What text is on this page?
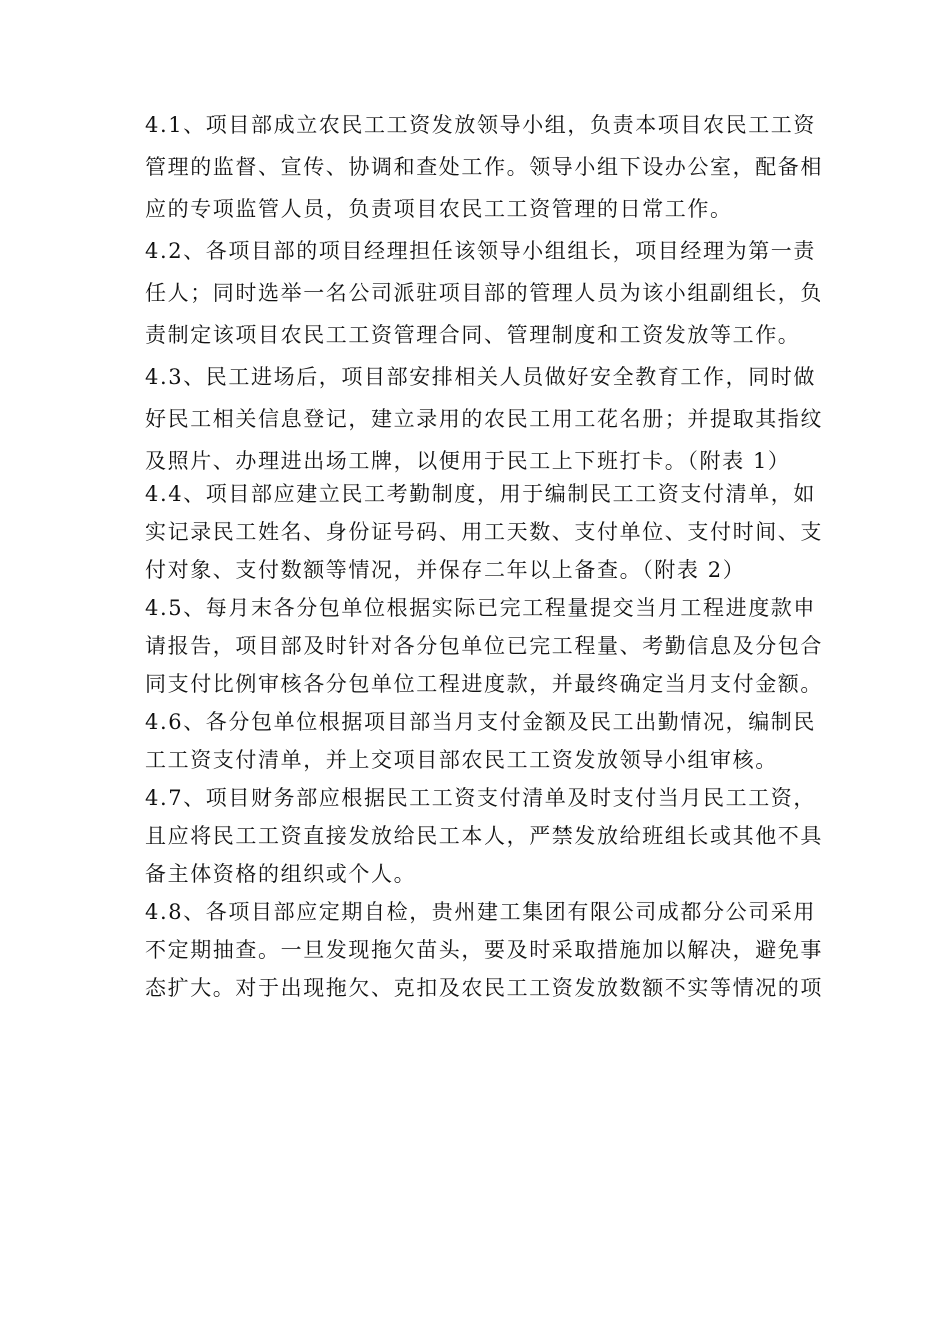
4.1、项目部成立农民工工资发放领导小组，负责本项目农民工工资
管理的监督、宣传、协调和查处工作。领导小组下设办公室，配备相
应的专项监管人员，负责项目农民工工资管理的日常工作。
4.2、各项目部的项目经理担任该领导小组组长，项目经理为第一责
任人；同时选举一名公司派驻项目部的管理人员为该小组副组长，负
责制定该项目农民工工资管理合同、管理制度和工资发放等工作。
4.3、民工进场后，项目部安排相关人员做好安全教育工作，同时做
好民工相关信息登记，建立录用的农民工用工花名册；并提取其指纹
及照片、办理进出场工牌，以便用于民工上下班打卡。（附表 1）
4.4、项目部应建立民工考勤制度，用于编制民工工资支付清单，如
实记录民工姓名、身份证号码、用工天数、支付单位、支付时间、支
付对象、支付数额等情况，并保存二年以上备查。（附表 2）
4.5、每月末各分包单位根据实际已完工程量提交当月工程进度款申
请报告，项目部及时针对各分包单位已完工程量、考勤信息及分包合
同支付比例审核各分包单位工程进度款，并最终确定当月支付金额。
4.6、各分包单位根据项目部当月支付金额及民工出勤情况，编制民
工工资支付清单，并上交项目部农民工工资发放领导小组审核。
4.7、项目财务部应根据民工工资支付清单及时支付当月民工工资，
且应将民工工资直接发放给民工本人，严禁发放给班组长或其他不具
备主体资格的组织或个人。
4.8、各项目部应定期自检，贵州建工集团有限公司成都分公司采用
不定期抽查。一旦发现拖欠苗头，要及时采取措施加以解决，避免事
态扩大。对于出现拖欠、克扣及农民工工资发放数额不实等情况的项
